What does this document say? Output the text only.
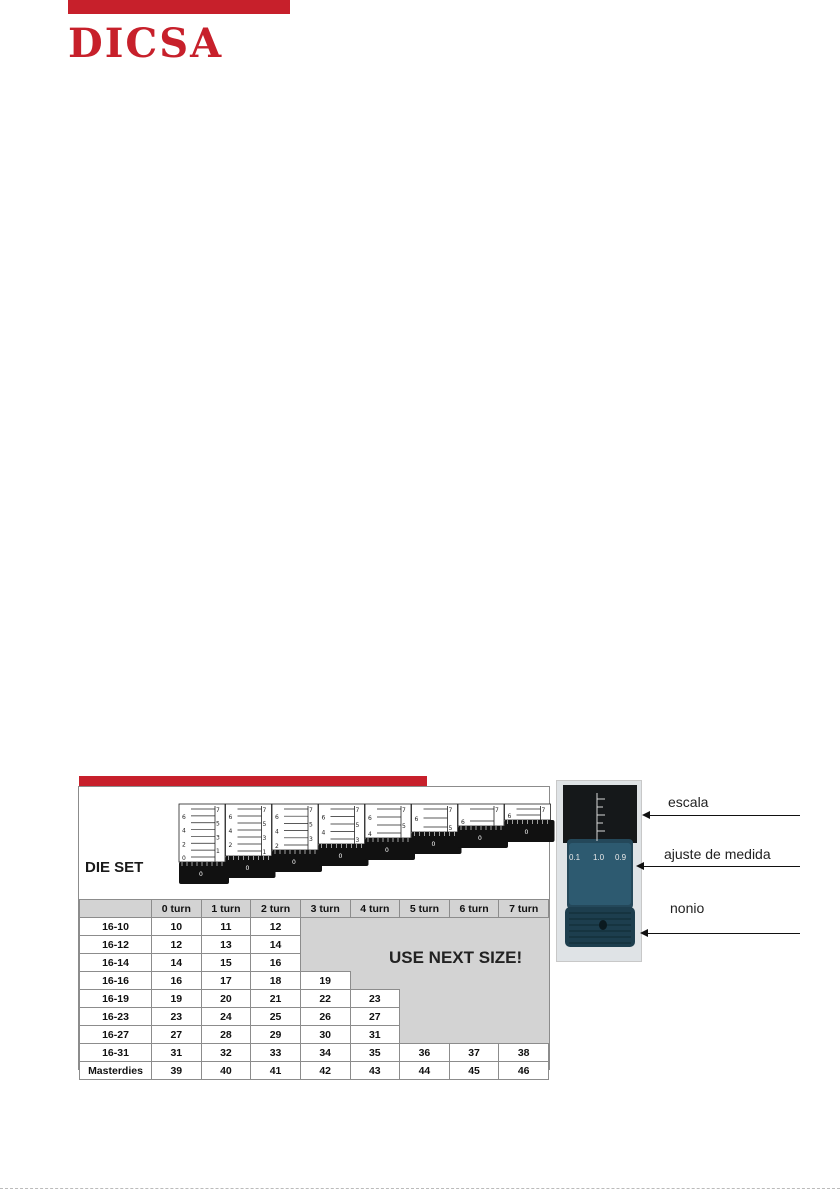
DICSA
DIE SET
7
6
5
4
3
2
1
0
0
7
6
5
4
3
2
1
0
7
6
5
4
3
2
0
7
6
5
4
3
0
7
6
5
4
0
7
6
5
0
7
6
0
7
6
0
	0 turn	1 turn	2 turn	3 turn	4 turn	5 turn	6 turn	7 turn
16-10	10	11	12					
16-12	12	13	14					
16-14	14	15	16					
16-16	16	17	18	19				
16-19	19	20	21	22	23			
16-23	23	24	25	26	27			
16-27	27	28	29	30	31			
16-31	31	32	33	34	35	36	37	38
Masterdies	39	40	41	42	43	44	45	46
USE NEXT SIZE!
0.1 1.0 0.9
escala
ajuste de medida
nonio
